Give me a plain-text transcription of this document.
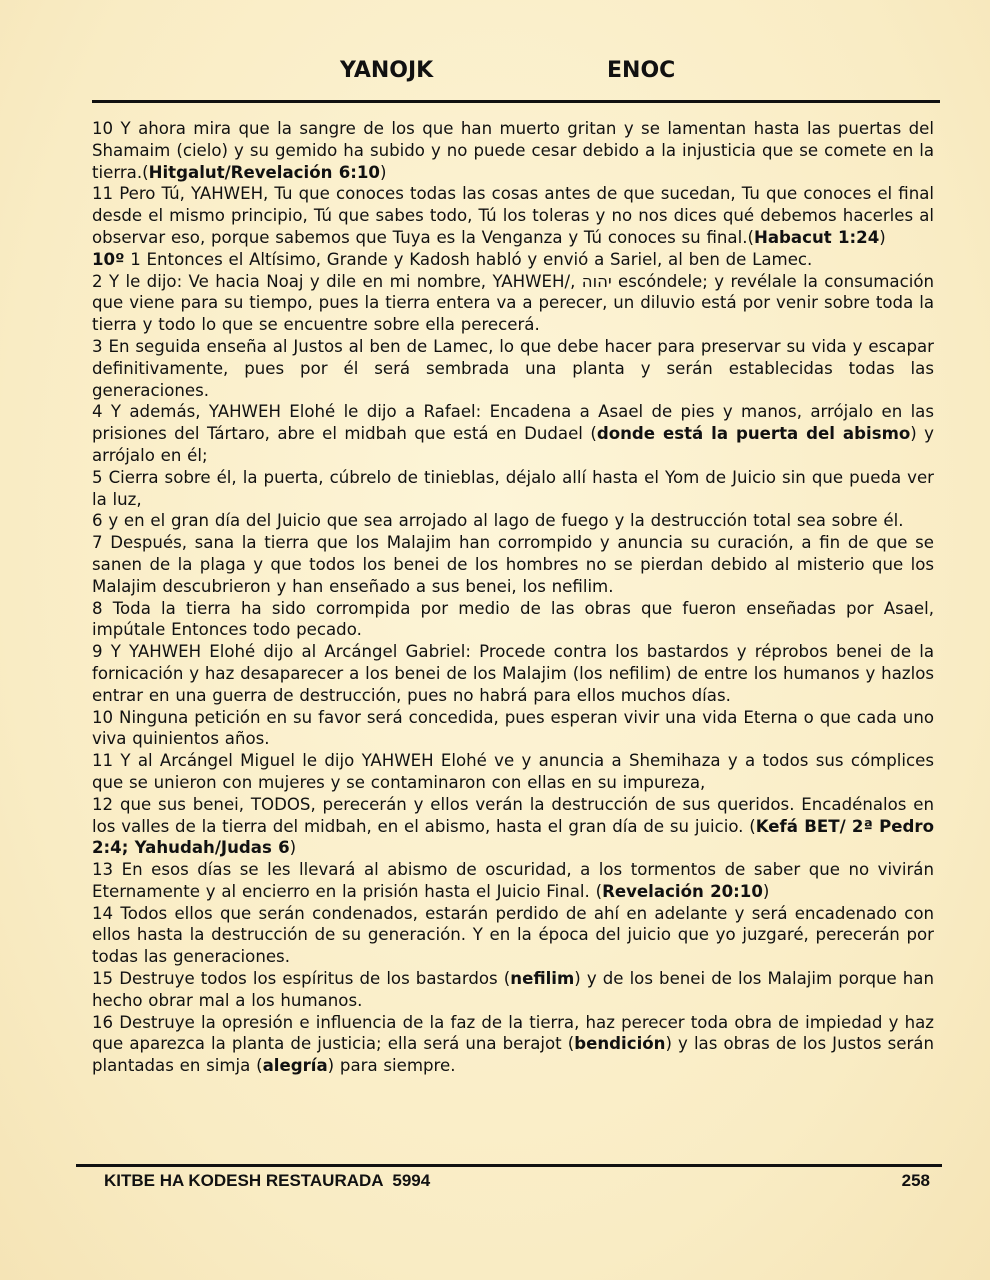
YANOJK	ENOC

10 Y ahora mira que la sangre de los que han muerto gritan y se lamentan hasta las puertas del Shamaim (cielo) y su gemido ha subido y no puede cesar debido a la injusticia que se comete en la tierra.(Hitgalut/Revelación 6:10)

11 Pero Tú, YAHWEH, Tu que conoces todas las cosas antes de que sucedan, Tu que conoces el final desde el mismo principio, Tú que sabes todo, Tú los toleras y no nos dices qué debemos hacerles al observar eso, porque sabemos que Tuya es la Venganza y Tú conoces su final.(Habacut 1:24)

10º 1 Entonces el Altísimo, Grande y Kadosh habló y envió a Sariel, al ben de Lamec.

2 Y le dijo: Ve hacia Noaj y dile en mi nombre, YAHWEH/, יהוה escóndele; y revélale la consumación que viene para su tiempo, pues la tierra entera va a perecer, un diluvio está por venir sobre toda la tierra y todo lo que se encuentre sobre ella perecerá.

3 En seguida enseña al Justos al ben de Lamec, lo que debe hacer para preservar su vida y escapar definitivamente, pues por él será sembrada una planta y serán establecidas todas las generaciones.

4 Y además, YAHWEH Elohé le dijo a Rafael: Encadena a Asael de pies y manos, arrójalo en las prisiones del Tártaro, abre el midbah que está en Dudael (donde está la puerta del abismo) y arrójalo en él;

5 Cierra sobre él, la puerta, cúbrelo de tinieblas, déjalo allí hasta el Yom de Juicio sin que pueda ver la luz,

6 y en el gran día del Juicio que sea arrojado al lago de fuego y la destrucción total sea sobre él.

7 Después, sana la tierra que los Malajim han corrompido y anuncia su curación, a fin de que se sanen de la plaga y que todos los benei de los hombres no se pierdan debido al misterio que los Malajim descubrieron y han enseñado a sus benei, los nefilim.

8 Toda la tierra ha sido corrompida por medio de las obras que fueron enseñadas por Asael, impútale Entonces todo pecado.

9 Y YAHWEH Elohé dijo al Arcángel Gabriel: Procede contra los bastardos y réprobos benei de la fornicación y haz desaparecer a los benei de los Malajim (los nefilim) de entre los humanos y hazlos entrar en una guerra de destrucción, pues no habrá para ellos muchos días.

10 Ninguna petición en su favor será concedida, pues esperan vivir una vida Eterna o que cada uno viva quinientos años.

11 Y al Arcángel Miguel le dijo YAHWEH Elohé ve y anuncia a Shemihaza y a todos sus cómplices que se unieron con mujeres y se contaminaron con ellas en su impureza,

12 que sus benei, TODOS, perecerán y ellos verán la destrucción de sus queridos. Encadénalos en los valles de la tierra del midbah, en el abismo, hasta el gran día de su juicio. (Kefá BET/ 2ª Pedro 2:4; Yahudah/Judas 6)

13 En esos días se les llevará al abismo de oscuridad, a los tormentos de saber que no vivirán Eternamente y al encierro en la prisión hasta el Juicio Final. (Revelación 20:10)

14 Todos ellos que serán condenados, estarán perdido de ahí en adelante y será encadenado con ellos hasta la destrucción de su generación. Y en la época del juicio que yo juzgaré, perecerán por todas las generaciones.

15 Destruye todos los espíritus de los bastardos (nefilim) y de los benei de los Malajim porque han hecho obrar mal a los humanos.

16 Destruye la opresión e influencia de la faz de la tierra, haz perecer toda obra de impiedad y haz que aparezca la planta de justicia; ella será una berajot (bendición) y las obras de los Justos serán plantadas en simja (alegría) para siempre.

KITBE HA KODESH RESTAURADA  5994	258
